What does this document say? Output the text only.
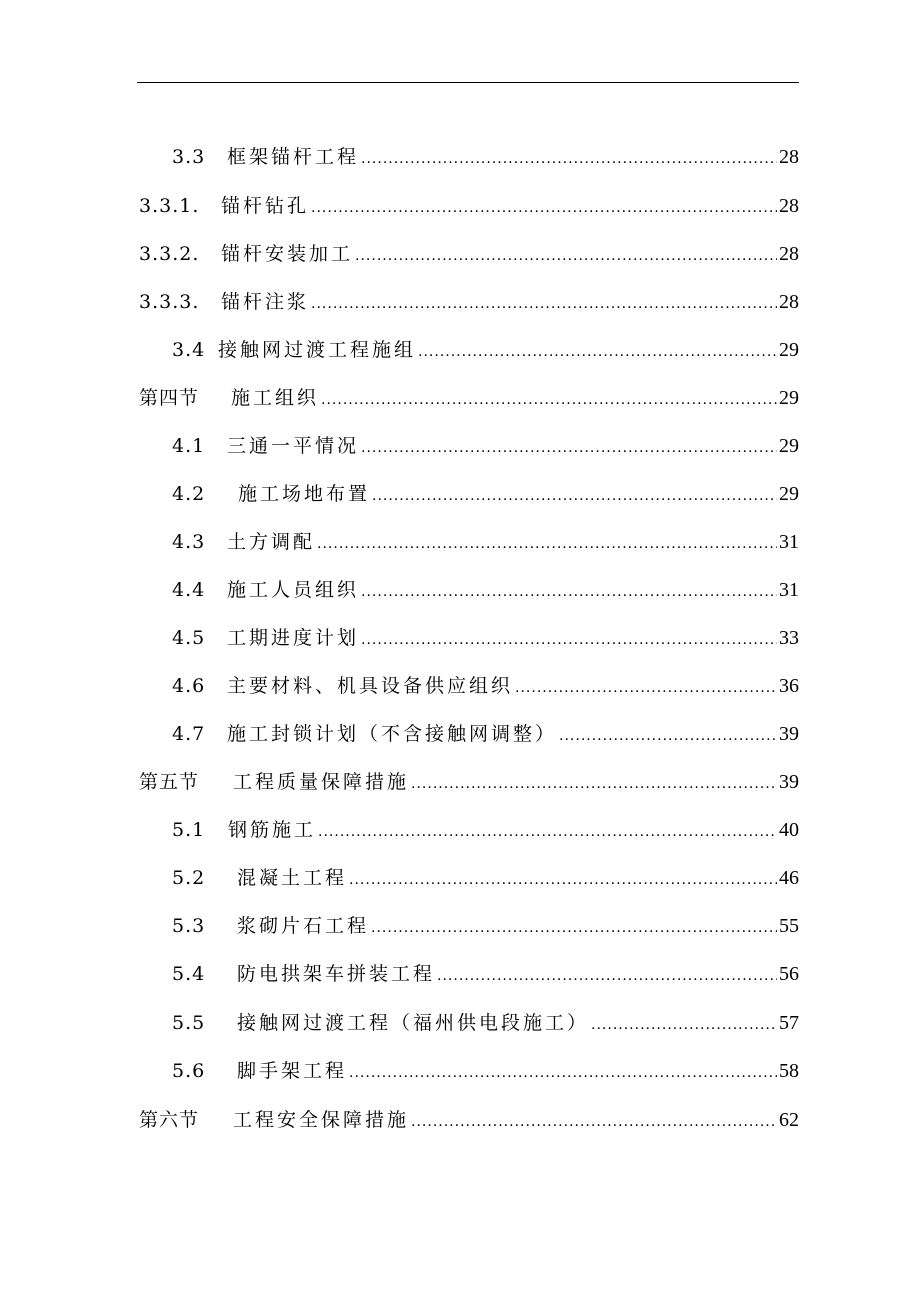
3.3	框架锚杆工程 .....	28
3.3.1.	锚杆钻孔 .....	28
3.3.2.	锚杆安装加工 .....	28
3.3.3.	锚杆注浆 .....	28
3.4 接触网过渡工程施组 .....	29
第四节	施工组织 .....	29
4.1	三通一平情况 .....	29
4.2	施工场地布置 .....	29
4.3	土方调配 .....	31
4.4	施工人员组织 .....	31
4.5	工期进度计划 .....	33
4.6	主要材料、机具设备供应组织 .....	36
4.7	施工封锁计划（不含接触网调整） .....	39
第五节	工程质量保障措施 .....	39
5.1	钢筋施工 .....	40
5.2	混凝土工程 .....	46
5.3	浆砌片石工程 .....	55
5.4	防电拱架车拼装工程 .....	56
5.5	接触网过渡工程（福州供电段施工） .....	57
5.6	脚手架工程 .....	58
第六节	工程安全保障措施 .....	62
